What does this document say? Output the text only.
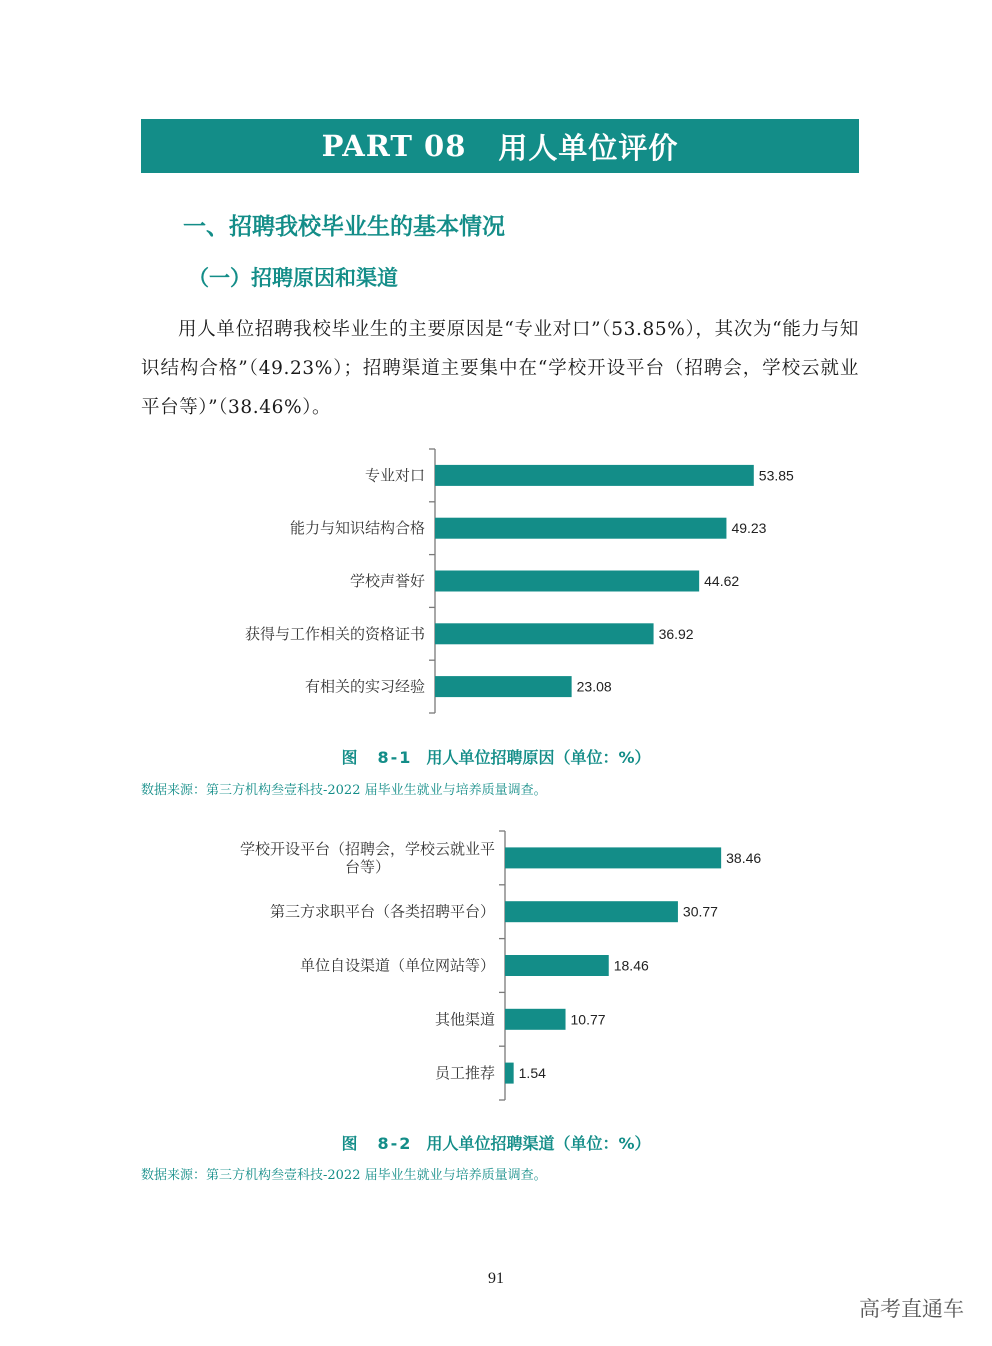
PART 08 用人单位评价
一、招聘我校毕业生的基本情况
（一）招聘原因和渠道
用人单位招聘我校毕业生的主要原因是“专业对口”（53.85%），其次为“能力与知识结构合格”（49.23%）；招聘渠道主要集中在“学校开设平台（招聘会，学校云就业平台等）”（38.46%）。
53.85
专业对口
49.23
能力与知识结构合格
44.62
学校声誉好
36.92
获得与工作相关的资格证书
23.08
有相关的实习经验
图　8-1 用人单位招聘原因（单位：%）
数据来源：第三方机构叁壹科技-2022 届毕业生就业与培养质量调查。
38.46
学校开设平台（招聘会，学校云就业平
台等）
30.77
第三方求职平台（各类招聘平台）
18.46
单位自设渠道（单位网站等）
10.77
其他渠道
1.54
员工推荐
图　8-2 用人单位招聘渠道（单位：%）
数据来源：第三方机构叁壹科技-2022 届毕业生就业与培养质量调查。
91
高考直通车
